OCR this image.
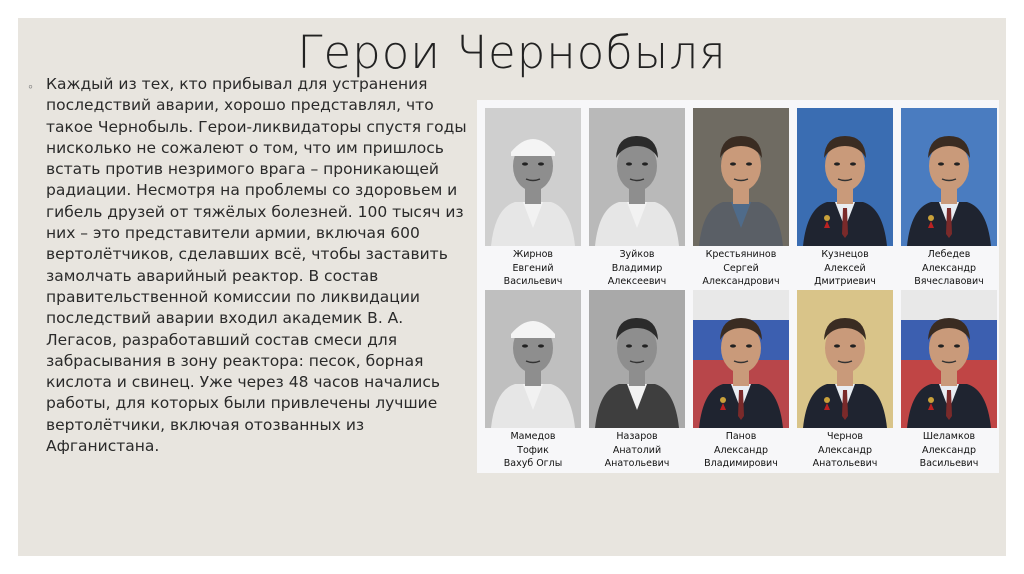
Герои Чернобыля
◦ Каждый из тех, кто прибывал для устранения последствий аварии, хорошо представлял, что такое Чернобыль. Герои-ликвидаторы спустя годы нисколько не сожалеют о том, что им пришлось встать против незримого врага – проникающей радиации. Несмотря на проблемы со здоровьем и гибель друзей от тяжёлых болезней. 100 тысяч из них – это представители армии, включая 600 вертолётчиков, сделавших всё, чтобы заставить замолчать аварийный реактор. В состав правительственной комиссии по ликвидации последствий аварии входил академик В. А. Легасов, разработавший состав смеси для забрасывания в зону реактора: песок, борная кислота и свинец. Уже через 48 часов начались работы, для которых были привлечены лучшие вертолётчики, включая отозванных из Афганистана.
Жирнов
Евгений
Васильевич
Зуйков
Владимир
Алексеевич
Крестьянинов
Сергей
Александрович
Кузнецов
Алексей
Дмитриевич
Лебедев
Александр
Вячеславович
Мамедов
Тофик
Вахуб Оглы
Назаров
Анатолий
Анатольевич
Панов
Александр
Владимирович
Чернов
Александр
Анатольевич
Шеламков
Александр
Васильевич
